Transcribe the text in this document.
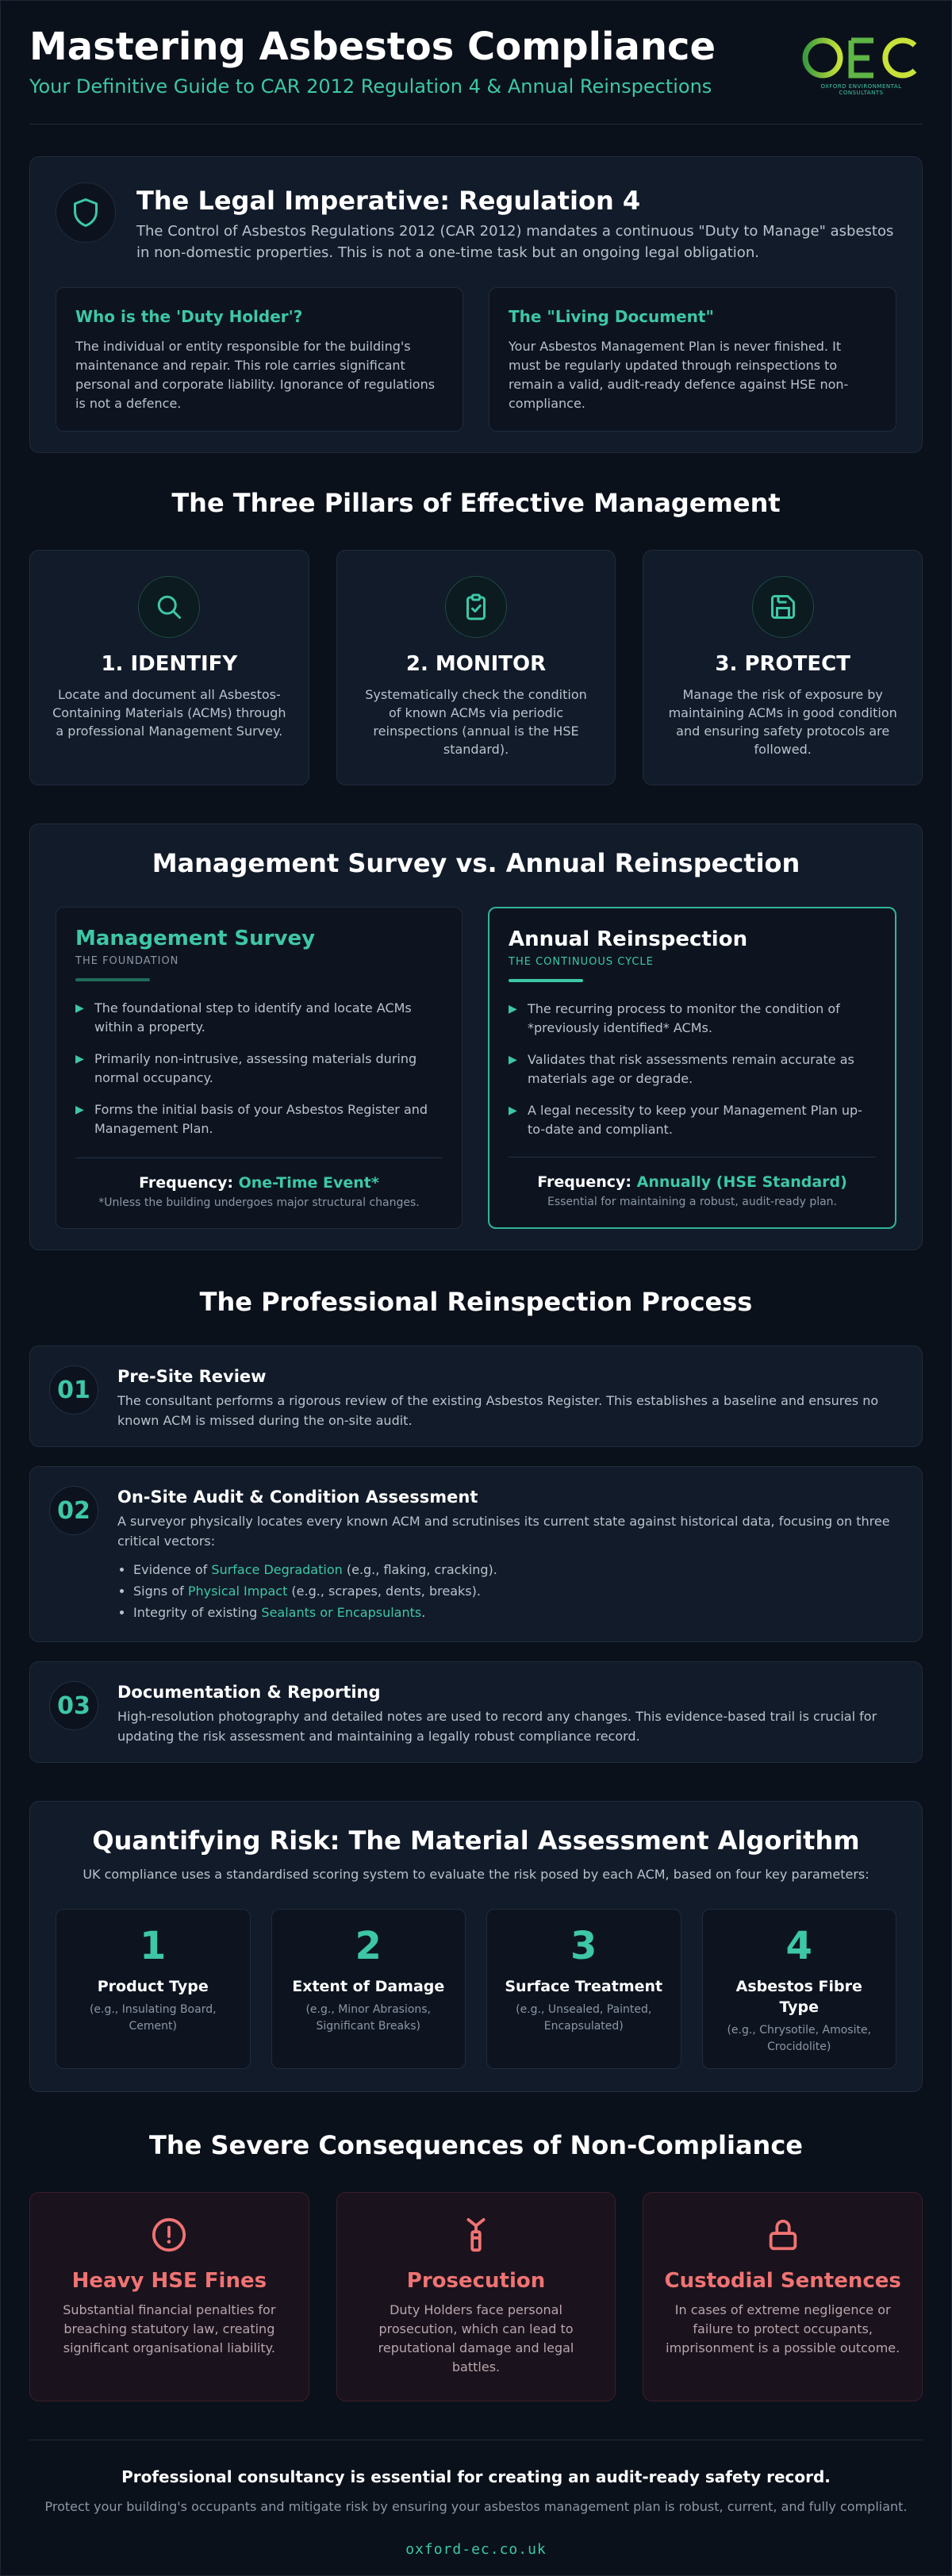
Mastering Asbestos Compliance
Your Definitive Guide to CAR 2012 Regulation 4 & Annual Reinspections	OXFORD ENVIRONMENTAL CONSULTANTS
The Legal Imperative: Regulation 4

The Control of Asbestos Regulations 2012 (CAR 2012) mandates a continuous "Duty to Manage" asbestos in non-domestic properties. This is not a one-time task but an ongoing legal obligation.

Who is the 'Duty Holder'?

The individual or entity responsible for the building's maintenance and repair. This role carries significant personal and corporate liability. Ignorance of regulations is not a defence.

The "Living Document"

Your Asbestos Management Plan is never finished. It must be regularly updated through reinspections to remain a valid, audit-ready defence against HSE non-compliance.

The Three Pillars of Effective Management
1. IDENTIFY

Locate and document all Asbestos-Containing Materials (ACMs) through a professional Management Survey.

2. MONITOR

Systematically check the condition of known ACMs via periodic reinspections (annual is the HSE standard).

3. PROTECT

Manage the risk of exposure by maintaining ACMs in good condition and ensuring safety protocols are followed.

Management Survey vs. Annual Reinspection
Management Survey
THE FOUNDATION
▶ The foundational step to identify and locate ACMs within a property.
▶ Primarily non-intrusive, assessing materials during normal occupancy.
▶ Forms the initial basis of your Asbestos Register and Management Plan.
Frequency: One-Time Event*
*Unless the building undergoes major structural changes.
Annual Reinspection
THE CONTINUOUS CYCLE
▶ The recurring process to monitor the condition of *previously identified* ACMs.
▶ Validates that risk assessments remain accurate as materials age or degrade.
▶ A legal necessity to keep your Management Plan up-to-date and compliant.
Frequency: Annually (HSE Standard)
Essential for maintaining a robust, audit-ready plan.
The Professional Reinspection Process
01	Pre-Site Review

The consultant performs a rigorous review of the existing Asbestos Register. This establishes a baseline and ensures no known ACM is missed during the on-site audit.

02	On-Site Audit & Condition Assessment

A surveyor physically locates every known ACM and scrutinises its current state against historical data, focusing on three critical vectors:

• Evidence of Surface Degradation (e.g., flaking, cracking).
• Signs of Physical Impact (e.g., scrapes, dents, breaks).
• Integrity of existing Sealants or Encapsulants.
03	Documentation & Reporting

High-resolution photography and detailed notes are used to record any changes. This evidence-based trail is crucial for updating the risk assessment and maintaining a legally robust compliance record.

Quantifying Risk: The Material Assessment Algorithm
UK compliance uses a standardised scoring system to evaluate the risk posed by each ACM, based on four key parameters:
1
Product Type

(e.g., Insulating Board, Cement)

2
Extent of Damage

(e.g., Minor Abrasions, Significant Breaks)

3
Surface Treatment

(e.g., Unsealed, Painted, Encapsulated)

4
Asbestos Fibre Type

(e.g., Chrysotile, Amosite, Crocidolite)

The Severe Consequences of Non-Compliance
Heavy HSE Fines

Substantial financial penalties for breaching statutory law, creating significant organisational liability.

Prosecution

Duty Holders face personal prosecution, which can lead to reputational damage and legal battles.

Custodial Sentences

In cases of extreme negligence or failure to protect occupants, imprisonment is a possible outcome.

Professional consultancy is essential for creating an audit-ready safety record.
Protect your building's occupants and mitigate risk by ensuring your asbestos management plan is robust, current, and fully compliant.
oxford-ec.co.uk
